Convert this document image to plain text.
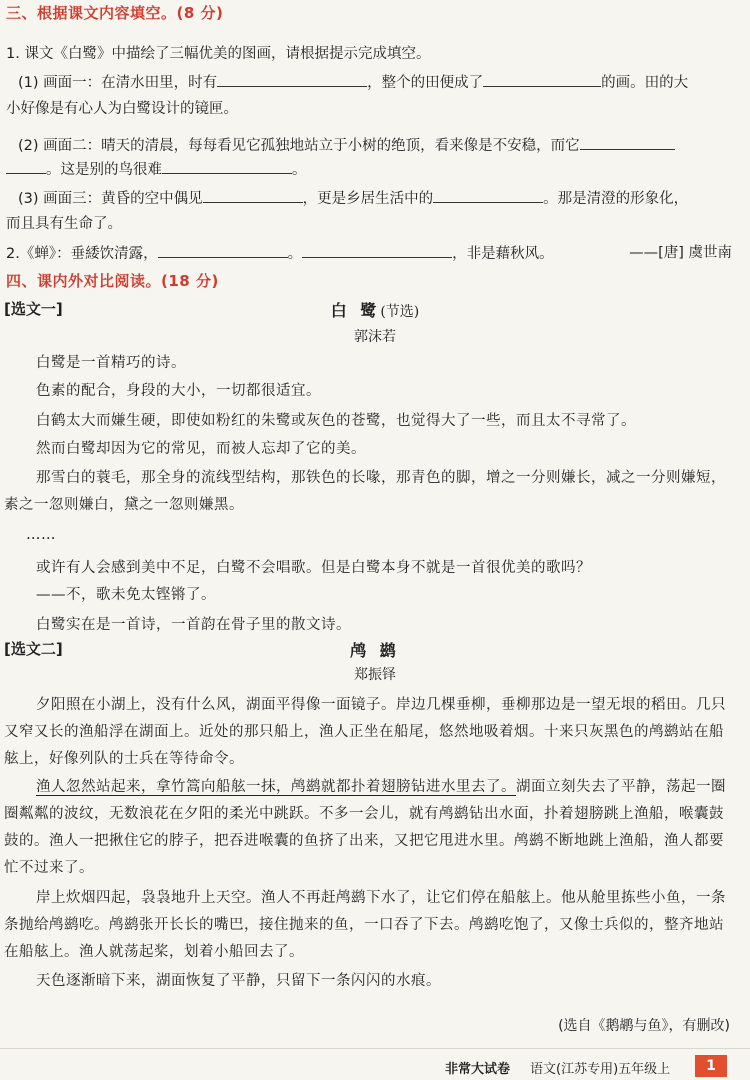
三、根据课文内容填空。(8 分)
1. 课文《白鹭》中描绘了三幅优美的图画，请根据提示完成填空。
(1) 画面一：在清水田里，时有	，整个的田便成了	的画。田的大
小好像是有心人为白鹭设计的镜匣。
(2) 画面二：晴天的清晨，每每看见它孤独地站立于小树的绝顶，看来像是不安稳，而它
。这是别的鸟很难	。
(3) 画面三：黄昏的空中偶见	，更是乡居生活中的	。那是清澄的形象化，
而且具有生命了。
2.《蝉》：垂緌饮清露，	。	，非是藉秋风。	——[唐] 虞世南
四、课内外对比阅读。(18 分)
[选文一]	白 鹭(节选)
郭沫若
白鹭是一首精巧的诗。
色素的配合，身段的大小，一切都很适宜。
白鹤太大而嫌生硬，即使如粉红的朱鹭或灰色的苍鹭，也觉得大了一些，而且太不寻常了。
然而白鹭却因为它的常见，而被人忘却了它的美。
那雪白的蓑毛，那全身的流线型结构，那铁色的长喙，那青色的脚，增之一分则嫌长，减之一分则嫌短，素之一忽则嫌白，黛之一忽则嫌黑。
……
或许有人会感到美中不足，白鹭不会唱歌。但是白鹭本身不就是一首很优美的歌吗？
——不，歌未免太铿锵了。
白鹭实在是一首诗，一首韵在骨子里的散文诗。
[选文二]	鸬 鹚
郑振铎
夕阳照在小湖上，没有什么风，湖面平得像一面镜子。岸边几棵垂柳，垂柳那边是一望无垠的稻田。几只又窄又长的渔船浮在湖面上。近处的那只船上，渔人正坐在船尾，悠然地吸着烟。十来只灰黑色的鸬鹚站在船舷上，好像列队的士兵在等待命令。
渔人忽然站起来，拿竹篙向船舷一抹，鸬鹚就都扑着翅膀钻进水里去了。湖面立刻失去了平静，荡起一圈圈粼粼的波纹，无数浪花在夕阳的柔光中跳跃。不多一会儿，就有鸬鹚钻出水面，扑着翅膀跳上渔船，喉囊鼓鼓的。渔人一把揪住它的脖子，把吞进喉囊的鱼挤了出来，又把它甩进水里。鸬鹚不断地跳上渔船，渔人都要忙不过来了。
岸上炊烟四起，袅袅地升上天空。渔人不再赶鸬鹚下水了，让它们停在船舷上。他从舱里拣些小鱼，一条条抛给鸬鹚吃。鸬鹚张开长长的嘴巴，接住抛来的鱼，一口吞了下去。鸬鹚吃饱了，又像士兵似的，整齐地站在船舷上。渔人就荡起桨，划着小船回去了。
天色逐渐暗下来，湖面恢复了平静，只留下一条闪闪的水痕。
(选自《鹅鹕与鱼》，有删改)
非常大试卷 语文(江苏专用)五年级上	1
